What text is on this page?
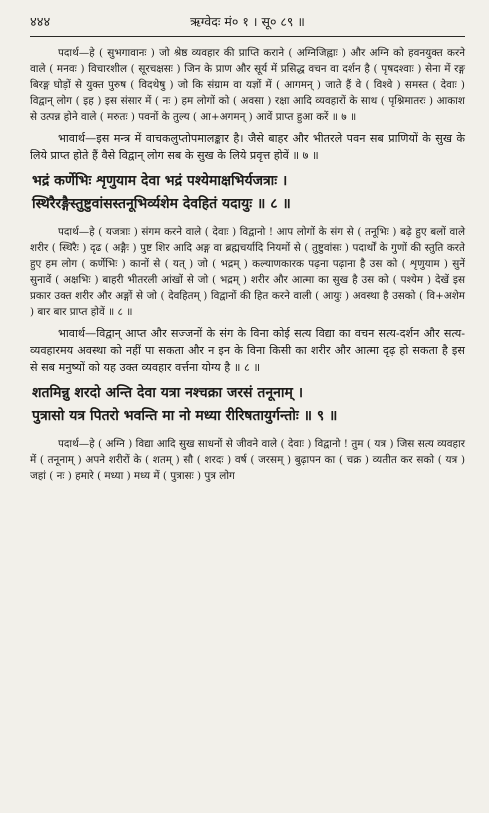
४४४	ऋग्वेदः मं० १ । सू० ८९ ॥

पदार्थ—हे ( सुभगावानः ) जो श्रेष्ठ व्यवहार की प्राप्ति कराने ( अग्निजिह्वाः ) और अग्नि को हवनयुक्त करने वाले ( मनवः ) विचारशील ( सूरचक्षसः ) जिन के प्राण और सूर्य में प्रसिद्ध वचन वा दर्शन है ( पृषदश्वाः ) सेना में रङ्ग बिरङ्ग घोड़ों से युक्त पुरुष ( विदथेषु ) जो कि संग्राम वा यज्ञों में ( आगमन् ) जाते हैं वे ( विश्वे ) समस्त ( देवाः ) विद्वान् लोग ( इह ) इस संसार में ( नः ) हम लोगों को ( अवसा ) रक्षा आदि व्यवहारों के साथ ( पृश्निमातरः ) आकाश से उत्पन्न होने वाले ( मरुतः ) पवनों के तुल्य ( आ+अगमन् ) आवें प्राप्त हुआ करें ॥ ७ ॥

भावार्थ—इस मन्त्र में वाचकलुप्तोपमालङ्कार है। जैसे बाहर और भीतरले पवन सब प्राणियों के सुख के लिये प्राप्त होते हैं वैसे विद्वान् लोग सब के सुख के लिये प्रवृत्त होवें ॥ ७ ॥

भद्रं कर्णेभिः शृणुयाम देवा भद्रं पश्येमाक्षभिर्यजत्राः ।
स्थिरैरङ्गैस्तुष्टुवांसस्तनूभिर्व्यशेम देवहितं यदायुः ॥ ८ ॥

पदार्थ—हे ( यजत्राः ) संगम करने वाले ( देवाः ) विद्वानो ! आप लोगों के संग से ( तनूभिः ) बढ़े हुए बलों वाले शरीर ( स्थिरैः ) दृढ ( अङ्गैः ) पुष्ट शिर आदि अङ्ग वा ब्रह्मचर्यादि नियमों से ( तुष्टुवांसः ) पदार्थों के गुणों की स्तुति करते हुए हम लोग ( कर्णेभिः ) कानों से ( यत् ) जो ( भद्रम् ) कल्याणकारक पढ़ना पढ़ाना है उस को ( शृणुयाम ) सुनें सुनावें ( अक्षभिः ) बाहरी भीतरली आंखों से जो ( भद्रम् ) शरीर और आत्मा का सुख है उस को ( पश्येम ) देखें इस प्रकार उक्त शरीर और अङ्गों से जो ( देवहितम् ) विद्वानों की हित करने वाली ( आयुः ) अवस्था है उसको ( वि+अशेम ) बार बार प्राप्त होवें ॥ ८ ॥

भावार्थ—विद्वान् आप्त और सज्जनों के संग के विना कोई सत्य विद्या का वचन सत्य-दर्शन और सत्य-व्यवहारमय अवस्था को नहीं पा सकता और न इन के विना किसी का शरीर और आत्मा दृढ़ हो सकता है इस से सब मनुष्यों को यह उक्त व्यवहार वर्त्तना योग्य है ॥ ८ ॥

शतमिन्नु शरदो अन्ति देवा यत्रा नश्चक्रा जरसं तनूनाम् ।
पुत्रासो यत्र पितरो भवन्ति मा नो मध्या रीरिषतायुर्गन्तोः ॥ ९ ॥

पदार्थ—हे ( अग्नि ) विद्या आदि सुख साधनों से जीवने वाले ( देवाः ) विद्वानो ! तुम ( यत्र ) जिस सत्य व्यवहार में ( तनूनाम् ) अपने शरीरों के ( शतम् ) सौ ( शरदः ) वर्ष ( जरसम् ) बुढ़ापन का ( चक्र ) व्यतीत कर सको ( यत्र ) जहां ( नः ) हमारे ( मध्या ) मध्य में ( पुत्रासः ) पुत्र लोग
